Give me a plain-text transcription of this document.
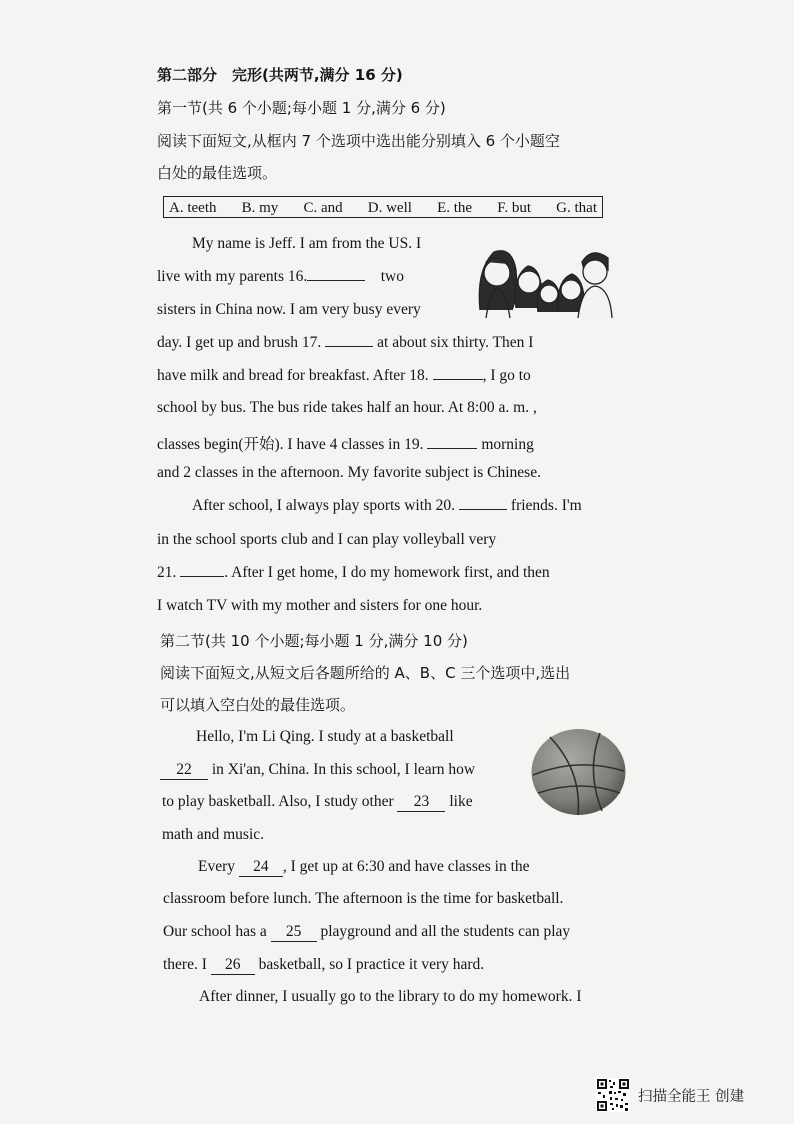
第二部分　完形(共两节,满分 16 分)
第一节(共 6 个小题;每小题 1 分,满分 6 分)
阅读下面短文,从框内 7 个选项中选出能分别填入 6 个小题空
白处的最佳选项。
A. teeth B. my C. and D. well E. the F. but G. that
My name is Jeff. I am from the US. I
live with my parents 16.	two
sisters in China now. I am very busy every
day. I get up and brush 17.	at about six thirty. Then I
have milk and bread for breakfast. After 18.	, I go to
school by bus. The bus ride takes half an hour. At 8:00 a. m. ,
classes begin(开始). I have 4 classes in 19.	morning
and 2 classes in the afternoon. My favorite subject is Chinese.
After school, I always play sports with 20.	friends. I'm
in the school sports club and I can play volleyball very
21.	. After I get home, I do my homework first, and then
I watch TV with my mother and sisters for one hour.
第二节(共 10 个小题;每小题 1 分,满分 10 分)
阅读下面短文,从短文后各题所给的 A、B、C 三个选项中,选出
可以填入空白处的最佳选项。
Hello, I'm Li Qing. I study at a basketball
22 in Xi'an, China. In this school, I learn how
to play basketball. Also, I study other 23 like
math and music.
Every 24 , I get up at 6:30 and have classes in the
classroom before lunch. The afternoon is the time for basketball.
Our school has a 25 playground and all the students can play
there. I 26 basketball, so I practice it very hard.
After dinner, I usually go to the library to do my homework. I
扫描全能王 创建
